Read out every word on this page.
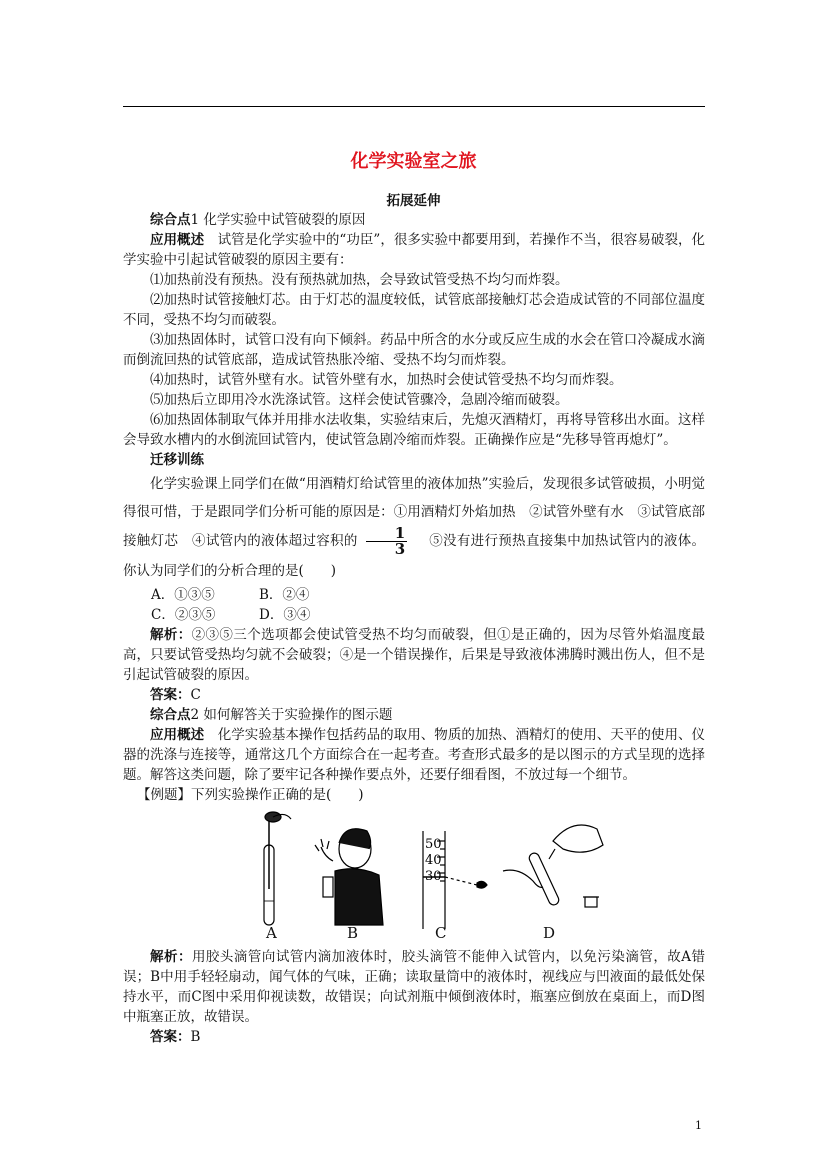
化学实验室之旅
拓展延伸

综合点1 化学实验中试管破裂的原因

应用概述　 试管是化学实验中的“功臣”，很多实验中都要用到，若操作不当，很容易破裂，化学实验中引起试管破裂的原因主要有：

⑴加热前没有预热。没有预热就加热，会导致试管受热不均匀而炸裂。

⑵加热时试管接触灯芯。由于灯芯的温度较低，试管底部接触灯芯会造成试管的不同部位温度不同，受热不均匀而破裂。

⑶加热固体时，试管口没有向下倾斜。药品中所含的水分或反应生成的水会在管口冷凝成水滴而倒流回热的试管底部，造成试管热胀冷缩、受热不均匀而炸裂。

⑷加热时，试管外壁有水。试管外壁有水，加热时会使试管受热不均匀而炸裂。

⑸加热后立即用冷水洗涤试管。这样会使试管骤冷，急剧冷缩而破裂。

⑹加热固体制取气体并用排水法收集，实验结束后，先熄灭酒精灯，再将导管移出水面。这样会导致水槽内的水倒流回试管内，使试管急剧冷缩而炸裂。正确操作应是“先移导管再熄灯”。

迁移训练

化学实验课上同学们在做“用酒精灯给试管里的液体加热”实验后，发现很多试管破损，小明觉得很可惜，于是跟同学们分析可能的原因是：①用酒精灯外焰加热　②试管外壁有水　③试管底部接触灯芯　④试管内的液体超过容积的 $\frac{1}{3}$ 　⑤没有进行预热直接集中加热试管内的液体。你认为同学们的分析合理的是(　　)

A．①③⑤	B．②④

C．②③⑤	D．③④

解析：②③⑤三个选项都会使试管受热不均匀而破裂，但①是正确的，因为尽管外焰温度最高，只要试管受热均匀就不会破裂；④是一个错误操作，后果是导致液体沸腾时溅出伤人，但不是引起试管破裂的原因。

答案：C

综合点2 如何解答关于实验操作的图示题

应用概述　 化学实验基本操作包括药品的取用、物质的加热、酒精灯的使用、天平的使用、仪器的洗涤与连接等，通常这几个方面综合在一起考查。考查形式最多的是以图示的方式呈现的选择题。解答这类问题，除了要牢记各种操作要点外，还要仔细看图，不放过每一个细节。

【例题】下列实验操作正确的是(　　)

50
40
30
A	B	C	D

解析：用胶头滴管向试管内滴加液体时，胶头滴管不能伸入试管内，以免污染滴管，故A错误；B中用手轻轻扇动，闻气体的气味，正确；读取量筒中的液体时，视线应与凹液面的最低处保持水平，而C图中采用仰视读数，故错误；向试剂瓶中倾倒液体时，瓶塞应倒放在桌面上，而D图中瓶塞正放，故错误。

答案：B

1
